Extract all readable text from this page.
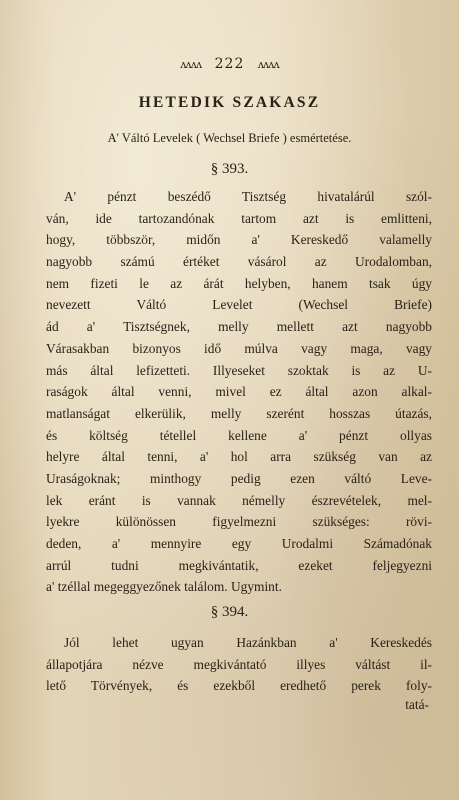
ʌʌʌʌ 222 ʌʌʌʌ
HETEDIK SZAKASZ
A' Váltó Levelek ( Wechsel Briefe ) esmértetése.
§ 393.
A' pénzt beszédő Tisztség hivatalárúl szól-
ván, ide tartozandónak tartom azt is emlitteni,
hogy, többször, midőn a' Kereskedő valamelly
nagyobb számú értéket vásárol az Urodalomban,
nem fizeti le az árát helyben, hanem tsak úgy
nevezett Váltó Levelet (Wechsel Briefe)
ád a' Tisztségnek, melly mellett azt nagyobb
Várasakban bizonyos idő múlva vagy maga, vagy
más által lefizetteti. Illyeseket szoktak is az U-
raságok által venni, mivel ez által azon alkal-
matlanságat elkerülik, melly szerént hosszas útazás,
és költség tétellel kellene a' pénzt ollyas
helyre által tenni, a' hol arra szükség van az
Uraságoknak; minthogy pedig ezen váltó Leve-
lek eránt is vannak némelly észrevételek, mel-
lyekre különössen figyelmezni szükséges: rövi-
deden, a' mennyire egy Urodalmi Számadónak
arrúl tudni megkivántatik, ezeket feljegyezni
a' tzéllal megeggyezőnek találom. Ugymint.
§ 394.
Jól lehet ugyan Hazánkban a' Kereskedés
állapotjára nézve megkivántató illyes váltást il-
lető Törvények, és ezekből eredhető perek foly-
tatá-
